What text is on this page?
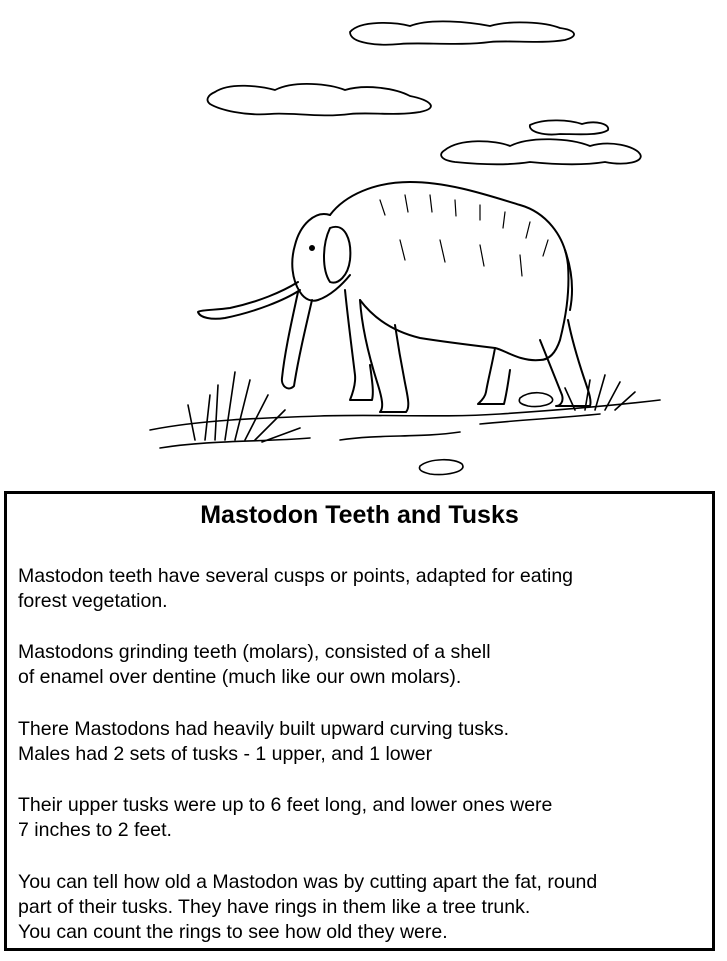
Mastodon Teeth and Tusks

Mastodon teeth have several cusps or points, adapted for eating
forest vegetation.

Mastodons grinding teeth (molars), consisted of a shell
of enamel over dentine (much like our own molars).

There Mastodons had heavily built upward curving tusks.
Males had 2 sets of tusks - 1 upper, and 1 lower

Their upper tusks were up to 6 feet long, and lower ones were
7 inches to 2 feet.

You can tell how old a Mastodon was by cutting apart the fat, round
part of their tusks. They have rings in them like a tree trunk.
You can count the rings to see how old they were.
